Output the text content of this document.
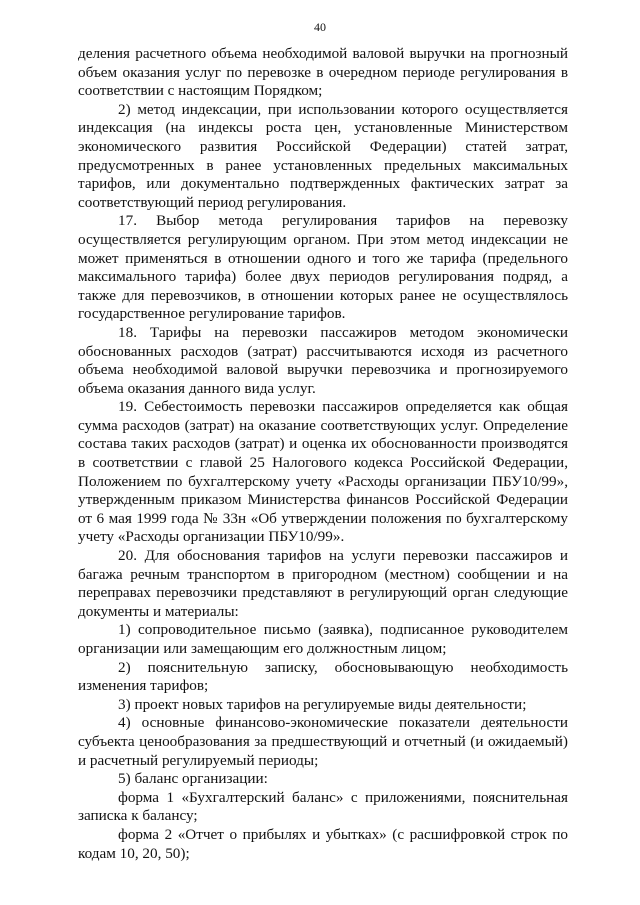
40

деления расчетного объема необходимой валовой выручки на прогнозный объем оказания услуг по перевозке в очередном периоде регулирования в соответствии с настоящим Порядком;

2) метод индексации, при использовании которого осуществляется индексация (на индексы роста цен, установленные Министерством экономического развития Российской Федерации) статей затрат, предусмотренных в ранее установленных предельных максимальных тарифов, или документально подтвержденных фактических затрат за соответствующий период регулирования.

17. Выбор метода регулирования тарифов на перевозку осуществляется регулирующим органом. При этом метод индексации не может применяться в отношении одного и того же тарифа (предельного максимального тарифа) более двух периодов регулирования подряд, а также для перевозчиков, в отношении которых ранее не осуществлялось государственное регулирование тарифов.

18. Тарифы на перевозки пассажиров методом экономически обоснованных расходов (затрат) рассчитываются исходя из расчетного объема необходимой валовой выручки перевозчика и прогнозируемого объема оказания данного вида услуг.

19. Себестоимость перевозки пассажиров определяется как общая сумма расходов (затрат) на оказание соответствующих услуг. Определение состава таких расходов (затрат) и оценка их обоснованности производятся в соответствии с главой 25 Налогового кодекса Российской Федерации, Положением по бухгалтерскому учету «Расходы организации ПБУ10/99», утвержденным приказом Министерства финансов Российской Федерации от 6 мая 1999 года № 33н «Об утверждении положения по бухгалтерскому учету «Расходы организации ПБУ10/99».

20. Для обоснования тарифов на услуги перевозки пассажиров и багажа речным транспортом в пригородном (местном) сообщении и на переправах перевозчики представляют в регулирующий орган следующие документы и материалы:

1) сопроводительное письмо (заявка), подписанное руководителем организации или замещающим его должностным лицом;

2) пояснительную записку, обосновывающую необходимость изменения тарифов;

3) проект новых тарифов на регулируемые виды деятельности;

4) основные финансово-экономические показатели деятельности субъекта ценообразования за предшествующий и отчетный (и ожидаемый) и расчетный регулируемый периоды;

5) баланс организации:

форма 1 «Бухгалтерский баланс» с приложениями, пояснительная записка к балансу;

форма 2 «Отчет о прибылях и убытках» (с расшифровкой строк по кодам 10, 20, 50);
